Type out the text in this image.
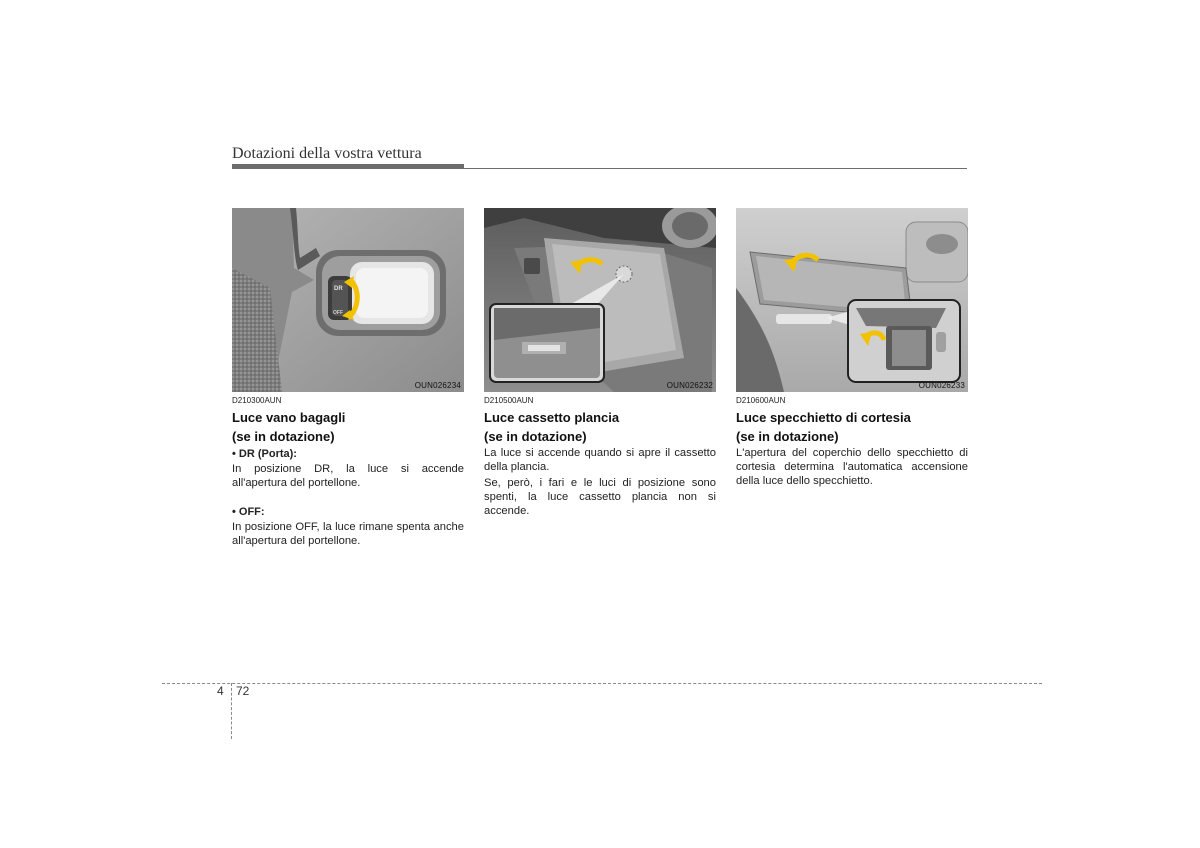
Dotazioni della vostra vettura
DR
OFF
OUN026234
D210300AUN
Luce vano bagagli
(se in dotazione)
• DR (Porta):
In posizione DR, la luce si accende all'apertura del portellone.
• OFF:
In posizione OFF, la luce rimane spenta anche all'apertura del portellone.
OUN026232
D210500AUN
Luce cassetto plancia
(se in dotazione)
La luce si accende quando si apre il cassetto della plancia.
Se, però, i fari e le luci di posizione sono spenti, la luce cassetto plancia non si accende.
OUN026233
D210600AUN
Luce specchietto di cortesia
(se in dotazione)
L'apertura del coperchio dello specchietto di cortesia determina l'automatica accensione della luce dello specchietto.
4 72
